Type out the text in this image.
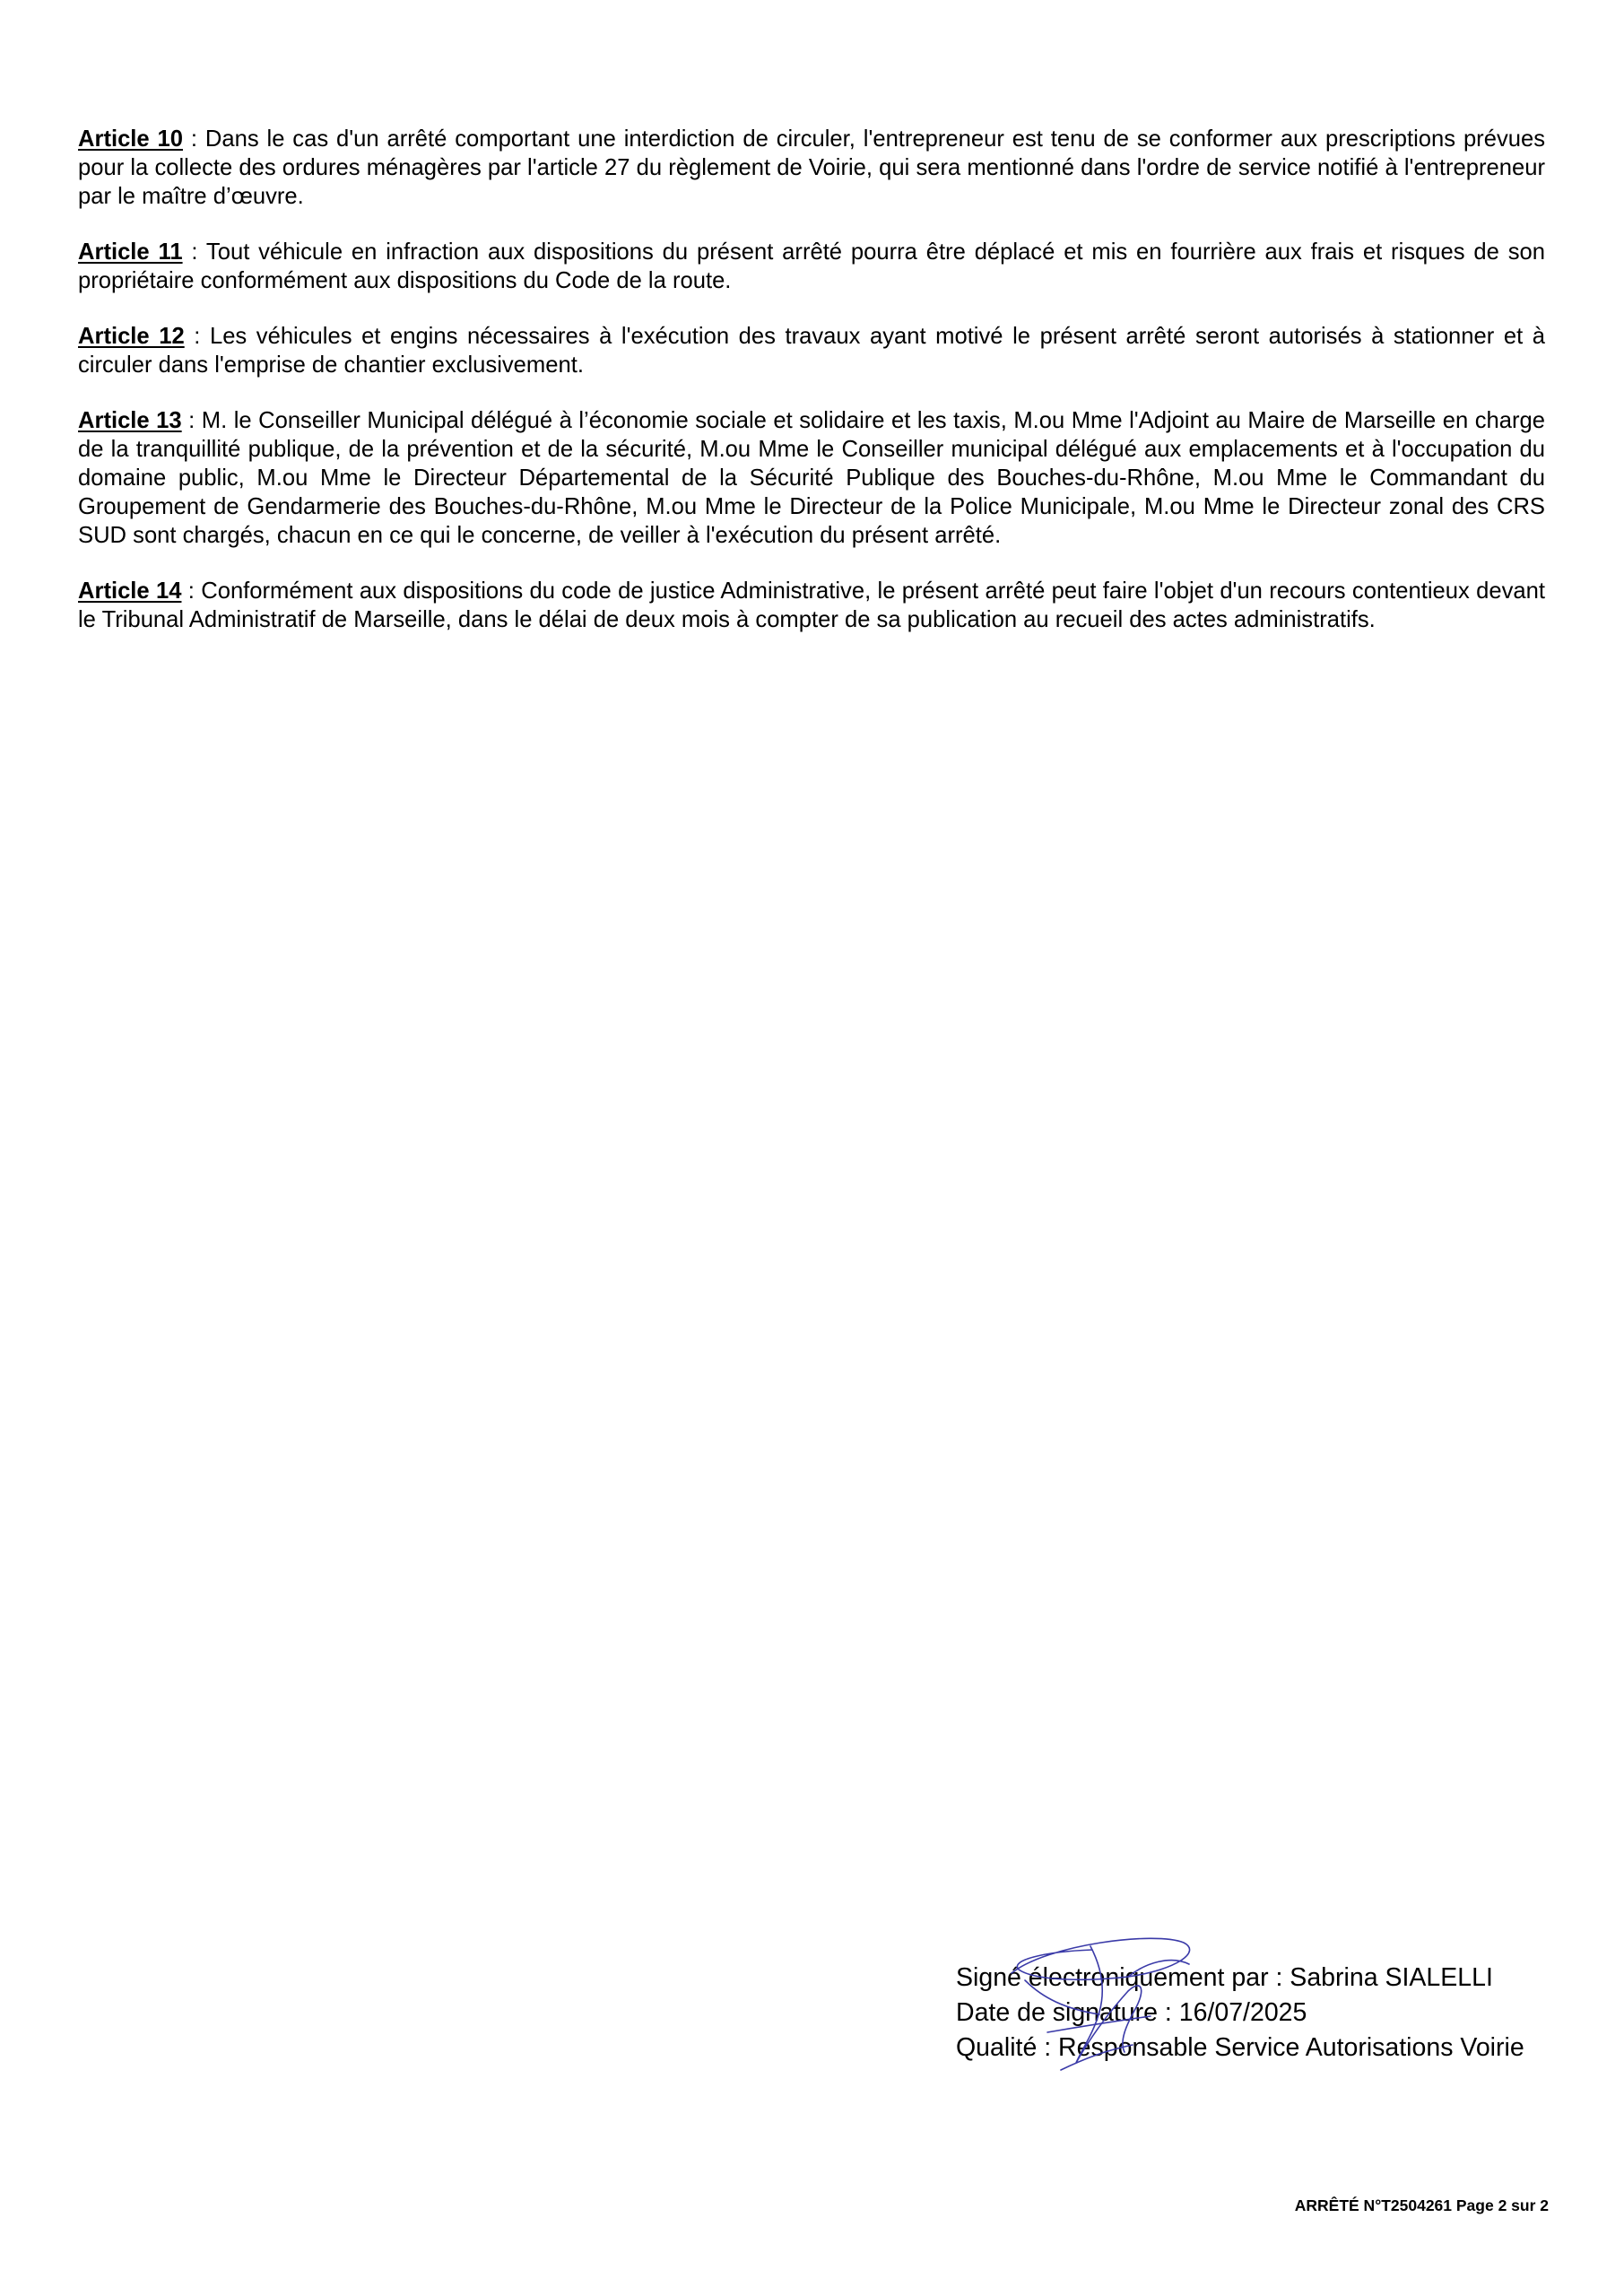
Article 10 : Dans le cas d'un arrêté comportant une interdiction de circuler, l'entrepreneur est tenu de se conformer aux prescriptions prévues pour la collecte des ordures ménagères par l'article 27 du règlement de Voirie, qui sera mentionné dans l'ordre de service notifié à l'entrepreneur par le maître d’œuvre.

Article 11 : Tout véhicule en infraction aux dispositions du présent arrêté pourra être déplacé et mis en fourrière aux frais et risques de son propriétaire conformément aux dispositions du Code de la route.

Article 12 : Les véhicules et engins nécessaires à l'exécution des travaux ayant motivé le présent arrêté seront autorisés à stationner et à circuler dans l'emprise de chantier exclusivement.

Article 13 : M. le Conseiller Municipal délégué à l’économie sociale et solidaire et les taxis, M.ou Mme l'Adjoint au Maire de Marseille en charge de la tranquillité publique, de la prévention et de la sécurité, M.ou Mme le Conseiller municipal délégué aux emplacements et à l'occupation du domaine public, M.ou Mme le Directeur Départemental de la Sécurité Publique des Bouches-du-Rhône, M.ou Mme le Commandant du Groupement de Gendarmerie des Bouches-du-Rhône, M.ou Mme le Directeur de la Police Municipale, M.ou Mme le Directeur zonal des CRS SUD sont chargés, chacun en ce qui le concerne, de veiller à l'exécution du présent arrêté.

Article 14 : Conformément aux dispositions du code de justice Administrative, le présent arrêté peut faire l'objet d'un recours contentieux devant le Tribunal Administratif de Marseille, dans le délai de deux mois à compter de sa publication au recueil des actes administratifs.

Signé électroniquement par : Sabrina SIALELLI
Date de signature : 16/07/2025
Qualité : Responsable Service Autorisations Voirie
ARRÊTÉ N°T2504261 Page 2 sur 2
